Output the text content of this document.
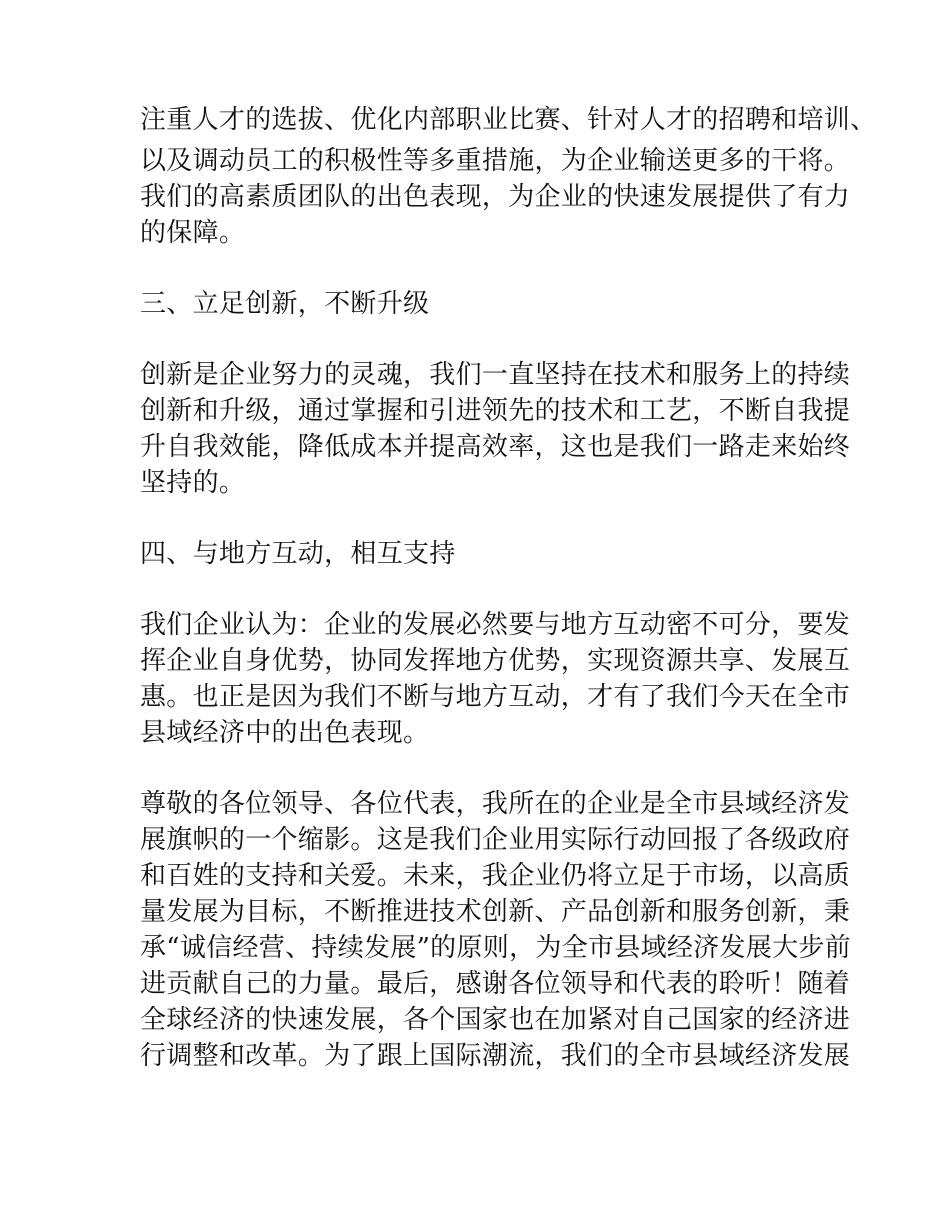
注重人才的选拔、优化内部职业比赛、针对人才的招聘和培训、
以及调动员工的积极性等多重措施，为企业输送更多的干将。
我们的高素质团队的出色表现，为企业的快速发展提供了有力
的保障。
三、立足创新，不断升级
创新是企业努力的灵魂，我们一直坚持在技术和服务上的持续
创新和升级，通过掌握和引进领先的技术和工艺，不断自我提
升自我效能，降低成本并提高效率，这也是我们一路走来始终
坚持的。
四、与地方互动，相互支持
我们企业认为：企业的发展必然要与地方互动密不可分，要发
挥企业自身优势，协同发挥地方优势，实现资源共享、发展互
惠。也正是因为我们不断与地方互动，才有了我们今天在全市
县域经济中的出色表现。
尊敬的各位领导、各位代表，我所在的企业是全市县域经济发
展旗帜的一个缩影。这是我们企业用实际行动回报了各级政府
和百姓的支持和关爱。未来，我企业仍将立足于市场，以高质
量发展为目标，不断推进技术创新、产品创新和服务创新，秉
承“诚信经营、持续发展”的原则，为全市县域经济发展大步前
进贡献自己的力量。最后，感谢各位领导和代表的聆听！随着
全球经济的快速发展，各个国家也在加紧对自己国家的经济进
行调整和改革。为了跟上国际潮流，我们的全市县域经济发展
